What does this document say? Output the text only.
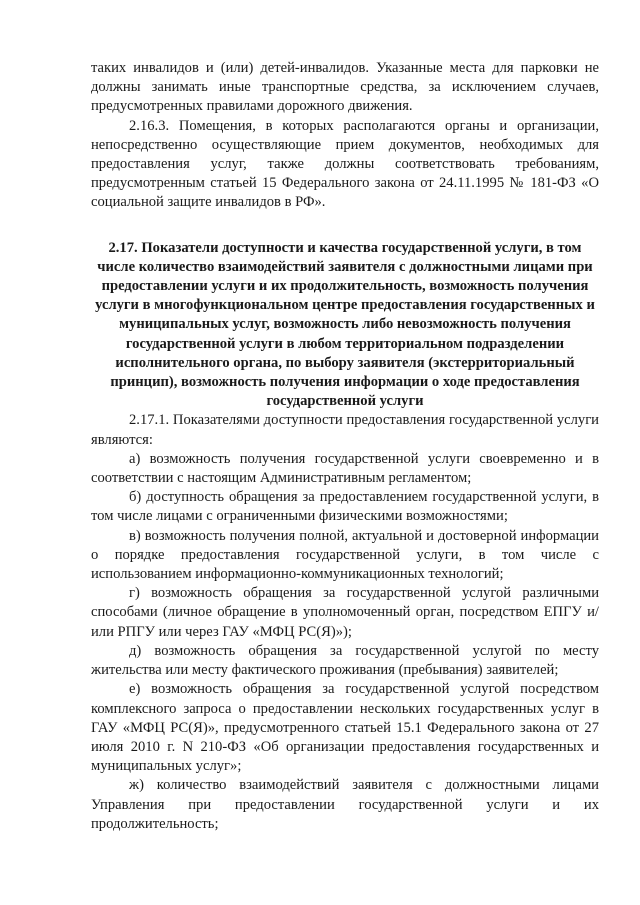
таких инвалидов и (или) детей-инвалидов. Указанные места для парковки не должны занимать иные транспортные средства, за исключением случаев, предусмотренных правилами дорожного движения.

2.16.3. Помещения, в которых располагаются органы и организации, непосредственно осуществляющие прием документов, необходимых для предоставления услуг, также должны соответствовать требованиям, предусмотренным статьей 15 Федерального закона от 24.11.1995 № 181-ФЗ «О социальной защите инвалидов в РФ».

2.17. Показатели доступности и качества государственной услуги, в том числе количество взаимодействий заявителя с должностными лицами при предоставлении услуги и их продолжительность, возможность получения услуги в многофункциональном центре предоставления государственных и муниципальных услуг, возможность либо невозможность получения государственной услуги в любом территориальном подразделении исполнительного органа, по выбору заявителя (экстерриториальный принцип), возможность получения информации о ходе предоставления государственной услуги

2.17.1. Показателями доступности предоставления государственной услуги являются:

а) возможность получения государственной услуги своевременно и в соответствии с настоящим Административным регламентом;

б) доступность обращения за предоставлением государственной услуги, в том числе лицами с ограниченными физическими возможностями;

в) возможность получения полной, актуальной и достоверной информации о порядке предоставления государственной услуги, в том числе с использованием информационно-коммуникационных технологий;

г) возможность обращения за государственной услугой различными способами (личное обращение в уполномоченный орган, посредством ЕПГУ и/или РПГУ или через ГАУ «МФЦ РС(Я)»);

д) возможность обращения за государственной услугой по месту жительства или месту фактического проживания (пребывания) заявителей;

е) возможность обращения за государственной услугой посредством комплексного запроса о предоставлении нескольких государственных услуг в ГАУ «МФЦ РС(Я)», предусмотренного статьей 15.1 Федерального закона от 27 июля 2010 г. N 210-ФЗ «Об организации предоставления государственных и муниципальных услуг»;

ж) количество взаимодействий заявителя с должностными лицами Управления при предоставлении государственной услуги и их продолжительность;
